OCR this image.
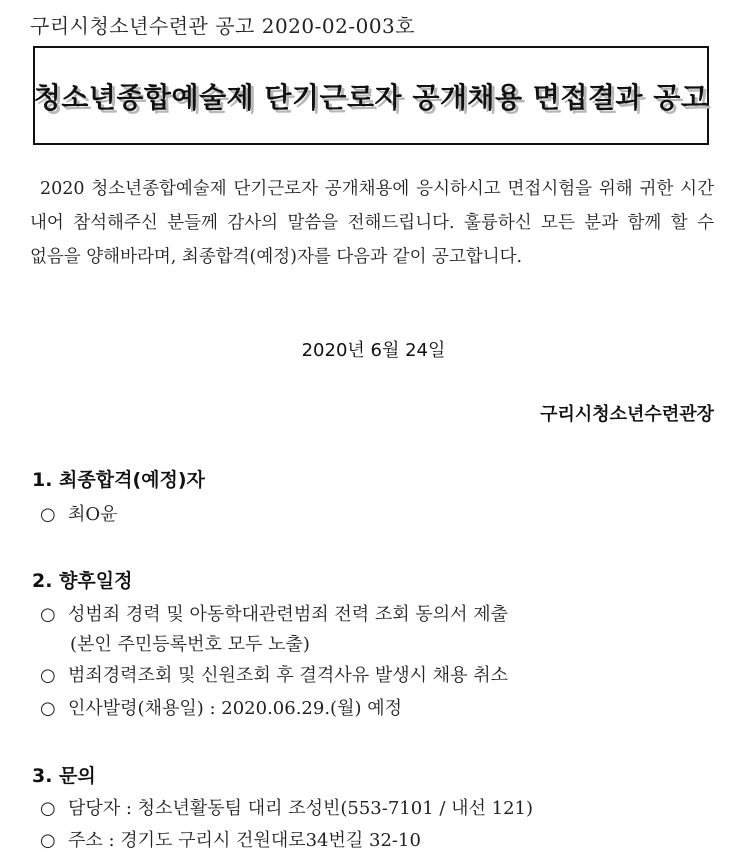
구리시청소년수련관 공고 2020-02-003호
청소년종합예술제 단기근로자 공개채용 면접결과 공고
2020 청소년종합예술제 단기근로자 공개채용에 응시하시고 면접시험을 위해 귀한 시간 내어 참석해주신 분들께 감사의 말씀을 전해드립니다. 훌륭하신 모든 분과 함께 할 수 없음을 양해바라며, 최종합격(예정)자를 다음과 같이 공고합니다.
2020년 6월 24일
구리시청소년수련관장
1. 최종합격(예정)자
○ 최O윤
2. 향후일정
○ 성범죄 경력 및 아동학대관련범죄 전력 조회 동의서 제출
(본인 주민등록번호 모두 노출)
○ 범죄경력조회 및 신원조회 후 결격사유 발생시 채용 취소
○ 인사발령(채용일) : 2020.06.29.(월) 예정
3. 문의
○ 담당자 : 청소년활동팀 대리 조성빈(553-7101 / 내선 121)
○ 주소 : 경기도 구리시 건원대로34번길 32-10
